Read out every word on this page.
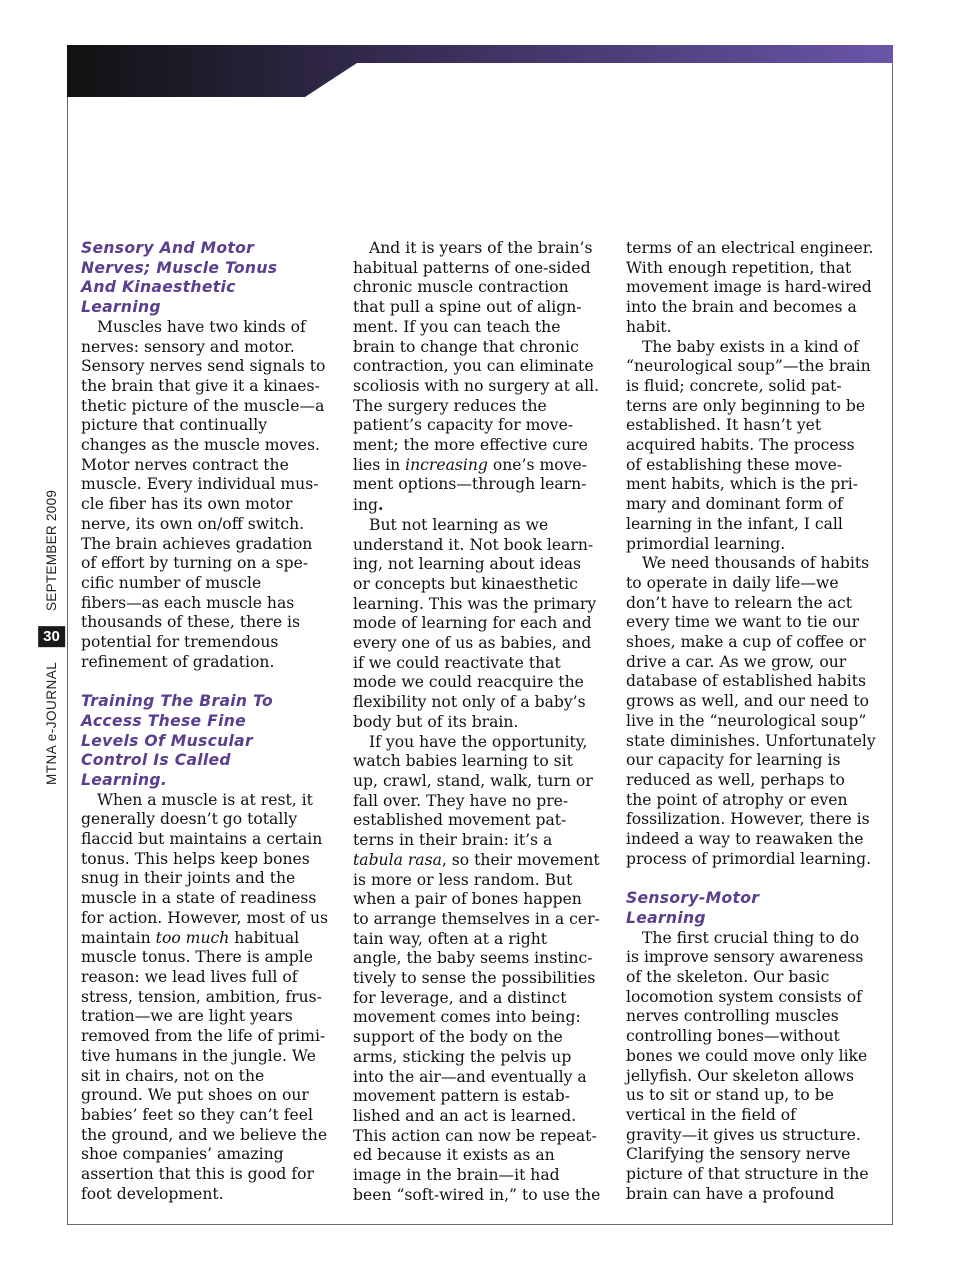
MTNA e-JOURNAL
30
SEPTEMBER 2009
Sensory And Motor
Nerves; Muscle Tonus
And Kinaesthetic
Learning

Muscles have two kinds of
nerves: sensory and motor.
Sensory nerves send signals to
the brain that give it a kinaes-
thetic picture of the muscle—a
picture that continually
changes as the muscle moves.
Motor nerves contract the
muscle. Every individual mus-
cle fiber has its own motor
nerve, its own on/off switch.
The brain achieves gradation
of effort by turning on a spe-
cific number of muscle
fibers—as each muscle has
thousands of these, there is
potential for tremendous
refinement of gradation.

Training The Brain To
Access These Fine
Levels Of Muscular
Control Is Called
Learning.

When a muscle is at rest, it
generally doesn’t go totally
flaccid but maintains a certain
tonus. This helps keep bones
snug in their joints and the
muscle in a state of readiness
for action. However, most of us
maintain too much habitual
muscle tonus. There is ample
reason: we lead lives full of
stress, tension, ambition, frus-
tration—we are light years
removed from the life of primi-
tive humans in the jungle. We
sit in chairs, not on the
ground. We put shoes on our
babies’ feet so they can’t feel
the ground, and we believe the
shoe companies’ amazing
assertion that this is good for
foot development.

And it is years of the brain’s
habitual patterns of one-sided
chronic muscle contraction
that pull a spine out of align-
ment. If you can teach the
brain to change that chronic
contraction, you can eliminate
scoliosis with no surgery at all.
The surgery reduces the
patient’s capacity for move-
ment; the more effective cure
lies in increasing one’s move-
ment options—through learn-
ing.

But not learning as we
understand it. Not book learn-
ing, not learning about ideas
or concepts but kinaesthetic
learning. This was the primary
mode of learning for each and
every one of us as babies, and
if we could reactivate that
mode we could reacquire the
flexibility not only of a baby’s
body but of its brain.

If you have the opportunity,
watch babies learning to sit
up, crawl, stand, walk, turn or
fall over. They have no pre-
established movement pat-
terns in their brain: it’s a
tabula rasa, so their movement
is more or less random. But
when a pair of bones happen
to arrange themselves in a cer-
tain way, often at a right
angle, the baby seems instinc-
tively to sense the possibilities
for leverage, and a distinct
movement comes into being:
support of the body on the
arms, sticking the pelvis up
into the air—and eventually a
movement pattern is estab-
lished and an act is learned.
This action can now be repeat-
ed because it exists as an
image in the brain—it had
been “soft-wired in,” to use the

terms of an electrical engineer.
With enough repetition, that
movement image is hard-wired
into the brain and becomes a
habit.

The baby exists in a kind of
“neurological soup”—the brain
is fluid; concrete, solid pat-
terns are only beginning to be
established. It hasn’t yet
acquired habits. The process
of establishing these move-
ment habits, which is the pri-
mary and dominant form of
learning in the infant, I call
primordial learning.

We need thousands of habits
to operate in daily life—we
don’t have to relearn the act
every time we want to tie our
shoes, make a cup of coffee or
drive a car. As we grow, our
database of established habits
grows as well, and our need to
live in the “neurological soup”
state diminishes. Unfortunately
our capacity for learning is
reduced as well, perhaps to
the point of atrophy or even
fossilization. However, there is
indeed a way to reawaken the
process of primordial learning.

Sensory-Motor
Learning

The first crucial thing to do
is improve sensory awareness
of the skeleton. Our basic
locomotion system consists of
nerves controlling muscles
controlling bones—without
bones we could move only like
jellyfish. Our skeleton allows
us to sit or stand up, to be
vertical in the field of
gravity—it gives us structure.
Clarifying the sensory nerve
picture of that structure in the
brain can have a profound
